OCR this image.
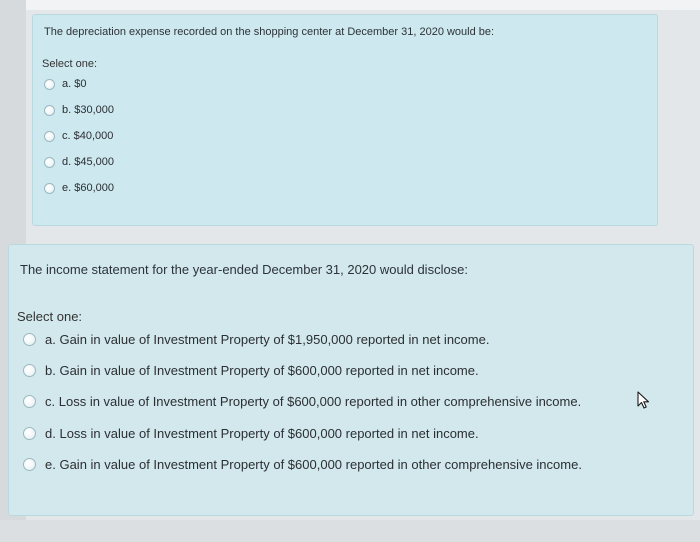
The depreciation expense recorded on the shopping center at December 31, 2020 would be:
Select one:
a.
$0
b.
$30,000
c.
$40,000
d.
$45,000
e.
$60,000
The income statement for the year-ended December 31, 2020 would disclose:
Select one:
a.
Gain in value of Investment Property of $1,950,000 reported in net income.
b.
Gain in value of Investment Property of $600,000 reported in net income.
c.
Loss in value of Investment Property of $600,000 reported in other comprehensive income.
d.
Loss in value of Investment Property of $600,000 reported in net income.
e.
Gain in value of Investment Property of $600,000 reported in other comprehensive income.
